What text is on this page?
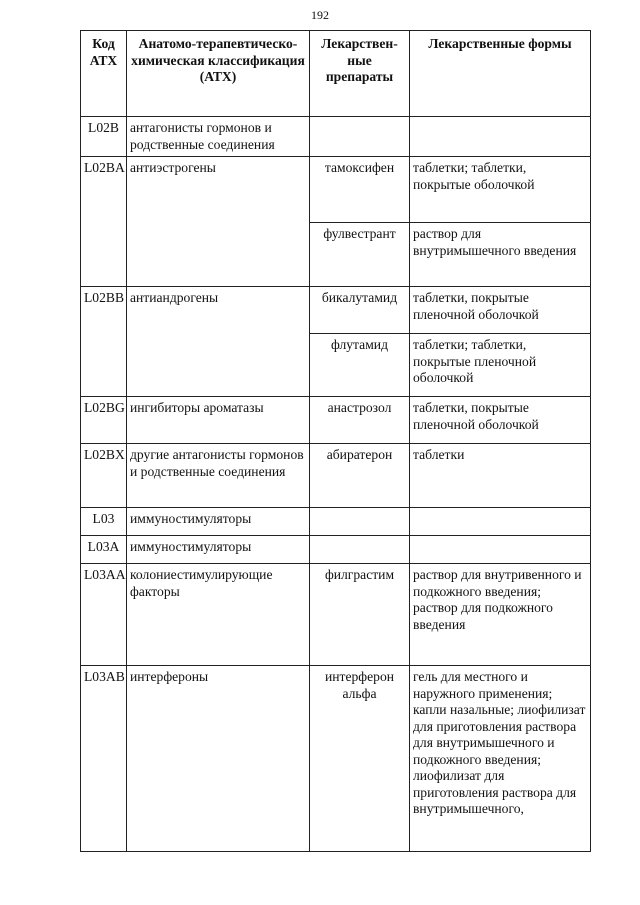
192
Код АТХ	Анатомо-терапевтическо-химическая классификация (АТХ)	Лекарствен-ные препараты	Лекарственные формы
L02B	антагонисты гормонов и родственные соединения		
L02BA	антиэстрогены	тамоксифен	таблетки; таблетки, покрытые оболочкой
		фулвестрант	раствор для внутримышечного введения
L02BB	антиандрогены	бикалутамид	таблетки, покрытые пленочной оболочкой
		флутамид	таблетки; таблетки, покрытые пленочной оболочкой
L02BG	ингибиторы ароматазы	анастрозол	таблетки, покрытые пленочной оболочкой
L02BX	другие антагонисты гормонов и родственные соединения	абиратерон	таблетки
L03	иммуностимуляторы		
L03A	иммуностимуляторы		
L03AA	колониестимулирующие факторы	филграстим	раствор для внутривенного и подкожного введения; раствор для подкожного введения
L03AB	интерфероны	интерферон альфа	гель для местного и наружного применения; капли назальные; лиофилизат для приготовления раствора для внутримышечного и подкожного введения; лиофилизат для приготовления раствора для внутримышечного,
